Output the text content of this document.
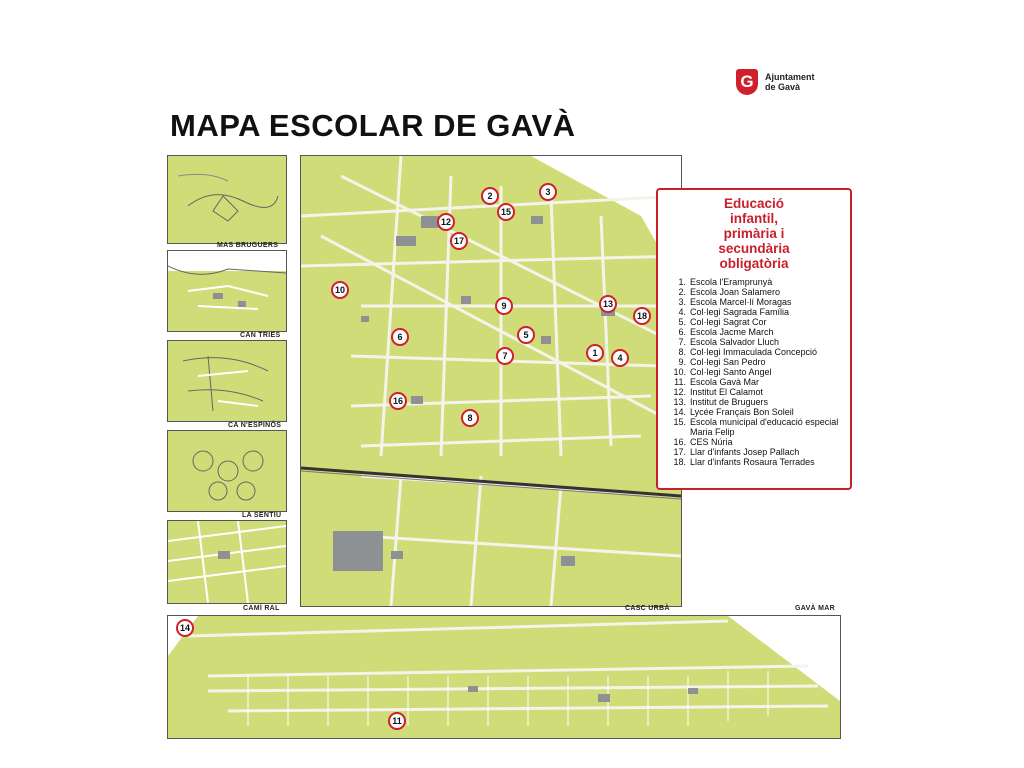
G	Ajuntament
de Gavà
MAPA ESCOLAR DE GAVÀ
MAS BRUGUERS
CAN TRIES
CA N'ESPINÓS
LA SENTIU
CAMÍ RAL	CASC URBÀ	GAVÀ MAR
1
2	3
4
5
6
7
8
9
10
11
12
13
14
15
16
17
18
Educació
infantil,
primària i
secundària
obligatòria
1. Escola l'Eramprunyà
2. Escola Joan Salamero
3. Escola Marcel·lí Moragas
4. Col·legi Sagrada Família
5. Col·legi Sagrat Cor
6. Escola Jacme March
7. Escola Salvador Lluch
8. Col·legi Immaculada Concepció
9. Col·legi San Pedro
10. Col·legi Santo Angel
11. Escola Gavà Mar
12. Institut El Calamot
13. Institut de Bruguers
14. Lycée Français Bon Soleil
15. Escola municipal d'educació especial Maria Felip
16. CES Núria
17. Llar d'infants Josep Pallach
18. Llar d'infants Rosaura Terrades
